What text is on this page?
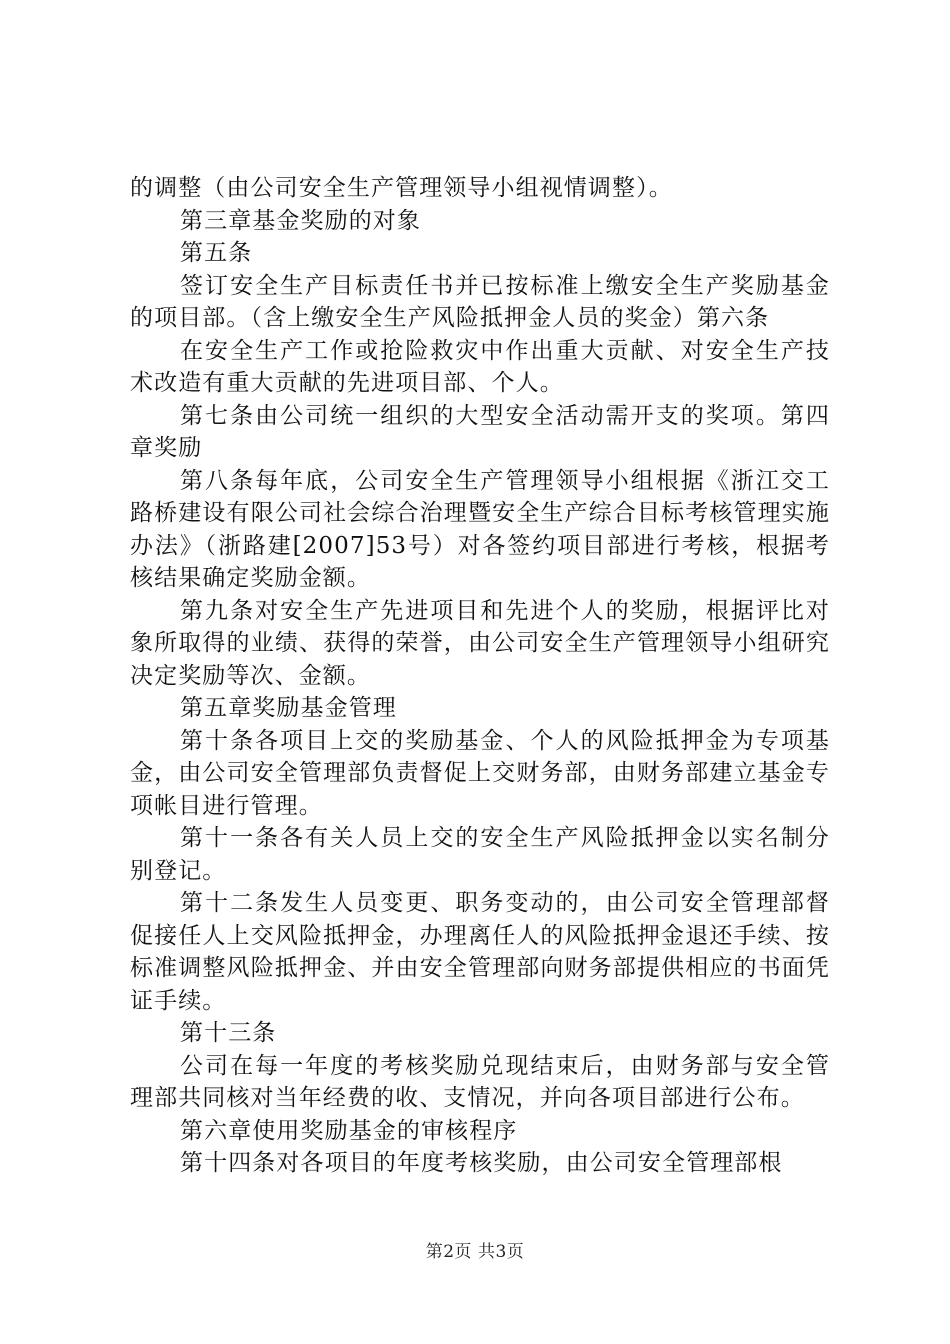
的调整（由公司安全生产管理领导小组视情调整）。

第三章基金奖励的对象

第五条

签订安全生产目标责任书并已按标准上缴安全生产奖励基金的项目部。（含上缴安全生产风险抵押金人员的奖金）第六条

在安全生产工作或抢险救灾中作出重大贡献、对安全生产技术改造有重大贡献的先进项目部、个人。

第七条由公司统一组织的大型安全活动需开支的奖项。第四章奖励

第八条每年底，公司安全生产管理领导小组根据《浙江交工路桥建设有限公司社会综合治理暨安全生产综合目标考核管理实施办法》（浙路建[2007]53号）对各签约项目部进行考核，根据考核结果确定奖励金额。

第九条对安全生产先进项目和先进个人的奖励，根据评比对象所取得的业绩、获得的荣誉，由公司安全生产管理领导小组研究决定奖励等次、金额。

第五章奖励基金管理

第十条各项目上交的奖励基金、个人的风险抵押金为专项基金，由公司安全管理部负责督促上交财务部，由财务部建立基金专项帐目进行管理。

第十一条各有关人员上交的安全生产风险抵押金以实名制分别登记。

第十二条发生人员变更、职务变动的，由公司安全管理部督促接任人上交风险抵押金，办理离任人的风险抵押金退还手续、按标准调整风险抵押金、并由安全管理部向财务部提供相应的书面凭证手续。

第十三条

公司在每一年度的考核奖励兑现结束后，由财务部与安全管理部共同核对当年经费的收、支情况，并向各项目部进行公布。

第六章使用奖励基金的审核程序

第十四条对各项目的年度考核奖励，由公司安全管理部根

第2页 共3页
